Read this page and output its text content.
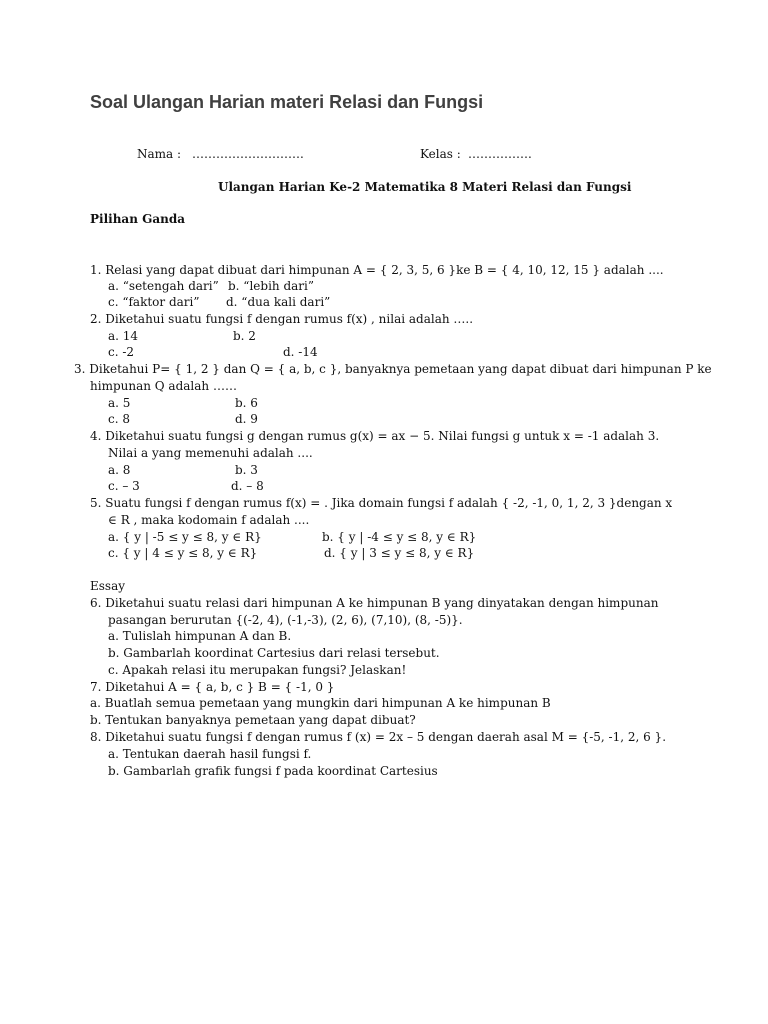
Soal Ulangan Harian materi Relasi dan Fungsi
Nama : ……………………….	Kelas : …………….
Ulangan Harian Ke-2 Matematika 8 Materi Relasi dan Fungsi
Pilihan Ganda
1. Relasi yang dapat dibuat dari himpunan A = { 2, 3, 5, 6 }ke B = { 4, 10, 12, 15 } adalah ....
a. “setengah dari” b. “lebih dari”
c. “faktor dari” d. “dua kali dari”
2. Diketahui suatu fungsi f dengan rumus f(x) , nilai adalah …..
a. 14	b. 2
c. -2	d. -14
3. Diketahui P= { 1, 2 } dan Q = { a, b, c }, banyaknya pemetaan yang dapat dibuat dari himpunan P ke
himpunan Q adalah ……
a. 5	b. 6
c. 8	d. 9
4. Diketahui suatu fungsi g dengan rumus g(x) = ax − 5. Nilai fungsi g untuk x = -1 adalah 3.
Nilai a yang memenuhi adalah ....
a. 8	b. 3
c. – 3	d. – 8
5. Suatu fungsi f dengan rumus f(x) = . Jika domain fungsi f adalah { -2, -1, 0, 1, 2, 3 }dengan x
∈ R , maka kodomain f adalah ....
a. { y | -5 ≤ y ≤ 8, y ∈ R}	b. { y | -4 ≤ y ≤ 8, y ∈ R}
c. { y | 4 ≤ y ≤ 8, y ∈ R}	d. { y | 3 ≤ y ≤ 8, y ∈ R}
Essay
6. Diketahui suatu relasi dari himpunan A ke himpunan B yang dinyatakan dengan himpunan
pasangan berurutan {(-2, 4), (-1,-3), (2, 6), (7,10), (8, -5)}.
a. Tulislah himpunan A dan B.
b. Gambarlah koordinat Cartesius dari relasi tersebut.
c. Apakah relasi itu merupakan fungsi? Jelaskan!
7. Diketahui A = { a, b, c } B = { -1, 0 }
a. Buatlah semua pemetaan yang mungkin dari himpunan A ke himpunan B
b. Tentukan banyaknya pemetaan yang dapat dibuat?
8. Diketahui suatu fungsi f dengan rumus f (x) = 2x – 5 dengan daerah asal M = {-5, -1, 2, 6 }.
a. Tentukan daerah hasil fungsi f.
b. Gambarlah grafik fungsi f pada koordinat Cartesius
